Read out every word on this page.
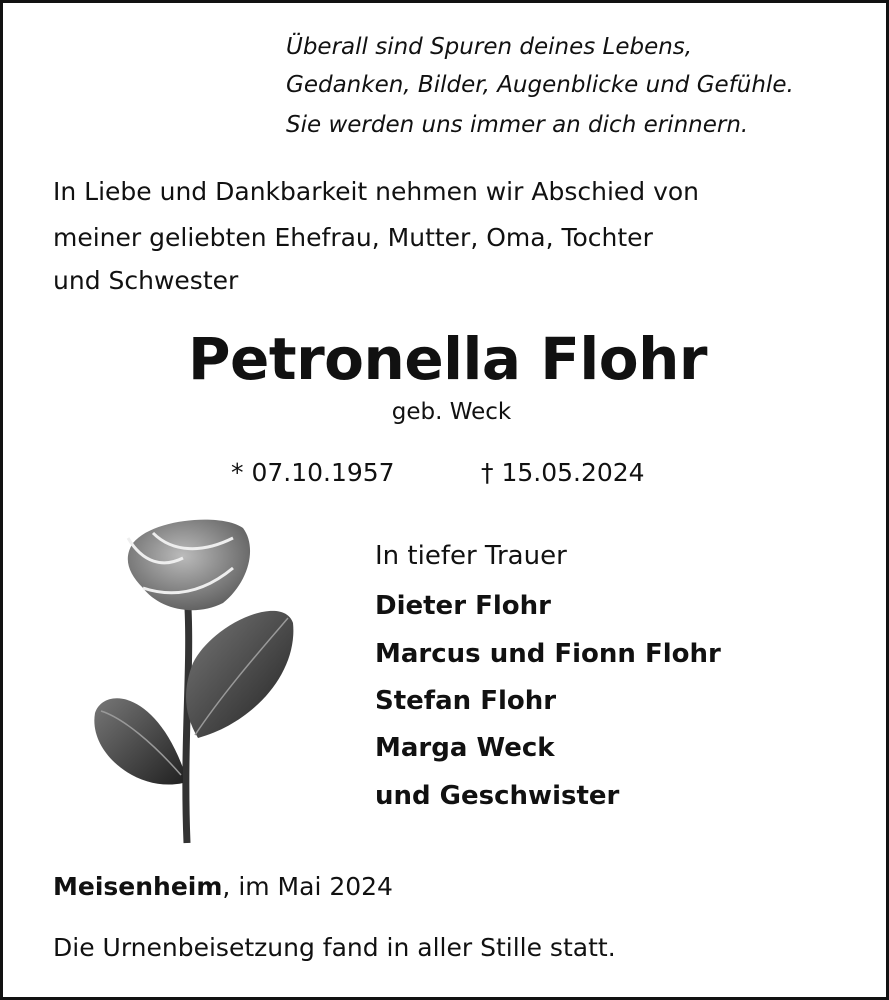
Überall sind Spuren deines Lebens,
Gedanken, Bilder, Augenblicke und Gefühle.
Sie werden uns immer an dich erinnern.
In Liebe und Dankbarkeit nehmen wir Abschied von
meiner geliebten Ehefrau, Mutter, Oma, Tochter
und Schwester
Petronella Flohr
geb. Weck
* 07.10.1957	† 15.05.2024
In tiefer Trauer
Dieter Flohr
Marcus und Fionn Flohr
Stefan Flohr
Marga Weck
und Geschwister
Meisenheim, im Mai 2024
Die Urnenbeisetzung fand in aller Stille statt.
